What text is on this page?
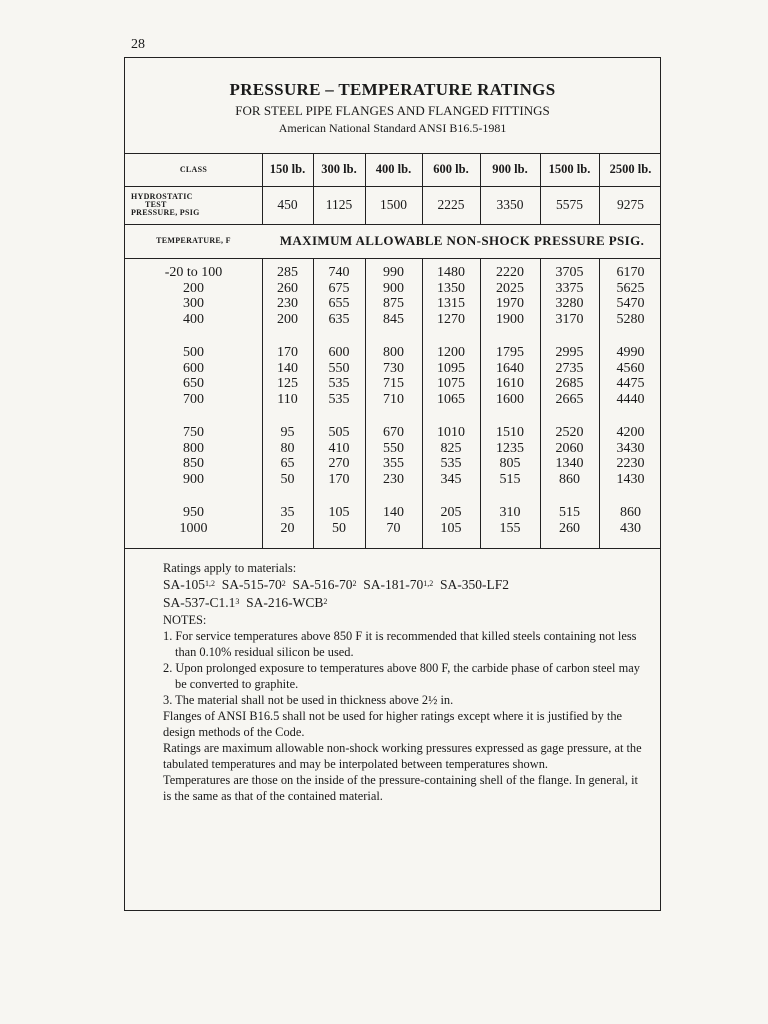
28
PRESSURE – TEMPERATURE RATINGS
FOR STEEL PIPE FLANGES AND FLANGED FITTINGS
American National Standard ANSI B16.5-1981
CLASS	150 lb.	300 lb.	400 lb.	600 lb.	900 lb.	1500 lb.	2500 lb.
HYDROSTATIC
TEST
PRESSURE, PSIG
450	1125	1500	2225	3350	5575	9275
TEMPERATURE, F	MAXIMUM ALLOWABLE NON-SHOCK PRESSURE PSIG.
-20 to 100	285	740	990	1480	2220	3705	6170
200	260	675	900	1350	2025	3375	5625
300	230	655	875	1315	1970	3280	5470
400	200	635	845	1270	1900	3170	5280
500	170	600	800	1200	1795	2995	4990
600	140	550	730	1095	1640	2735	4560
650	125	535	715	1075	1610	2685	4475
700	110	535	710	1065	1600	2665	4440
750	95	505	670	1010	1510	2520	4200
800	80	410	550	825	1235	2060	3430
850	65	270	355	535	805	1340	2230
900	50	170	230	345	515	860	1430
950	35	105	140	205	310	515	860
1000	20	50	70	105	155	260	430

Ratings apply to materials:

SA-105$^{1,2}$ $SA-515-70^2$ $SA-516-70^2$ SA-181-70$^{1,2}$ SA-350-LF2

$SA-537-C1.1^3$ SA-216-WCB$^2$

NOTES:

1. For service temperatures above 850 F it is recommended that killed steels containing not less than 0.10% residual silicon be used.

2. Upon prolonged exposure to temperatures above 800 F, the carbide phase of carbon steel may be converted to graphite.

3. The material shall not be used in thickness above 2½ in.

Flanges of ANSI B16.5 shall not be used for higher ratings except where it is justified by the design methods of the Code.

Ratings are maximum allowable non-shock working pressures expressed as gage pressure, at the tabulated temperatures and may be interpolated between temperatures shown.

Temperatures are those on the inside of the pressure-containing shell of the flange. In general, it is the same as that of the contained material.
